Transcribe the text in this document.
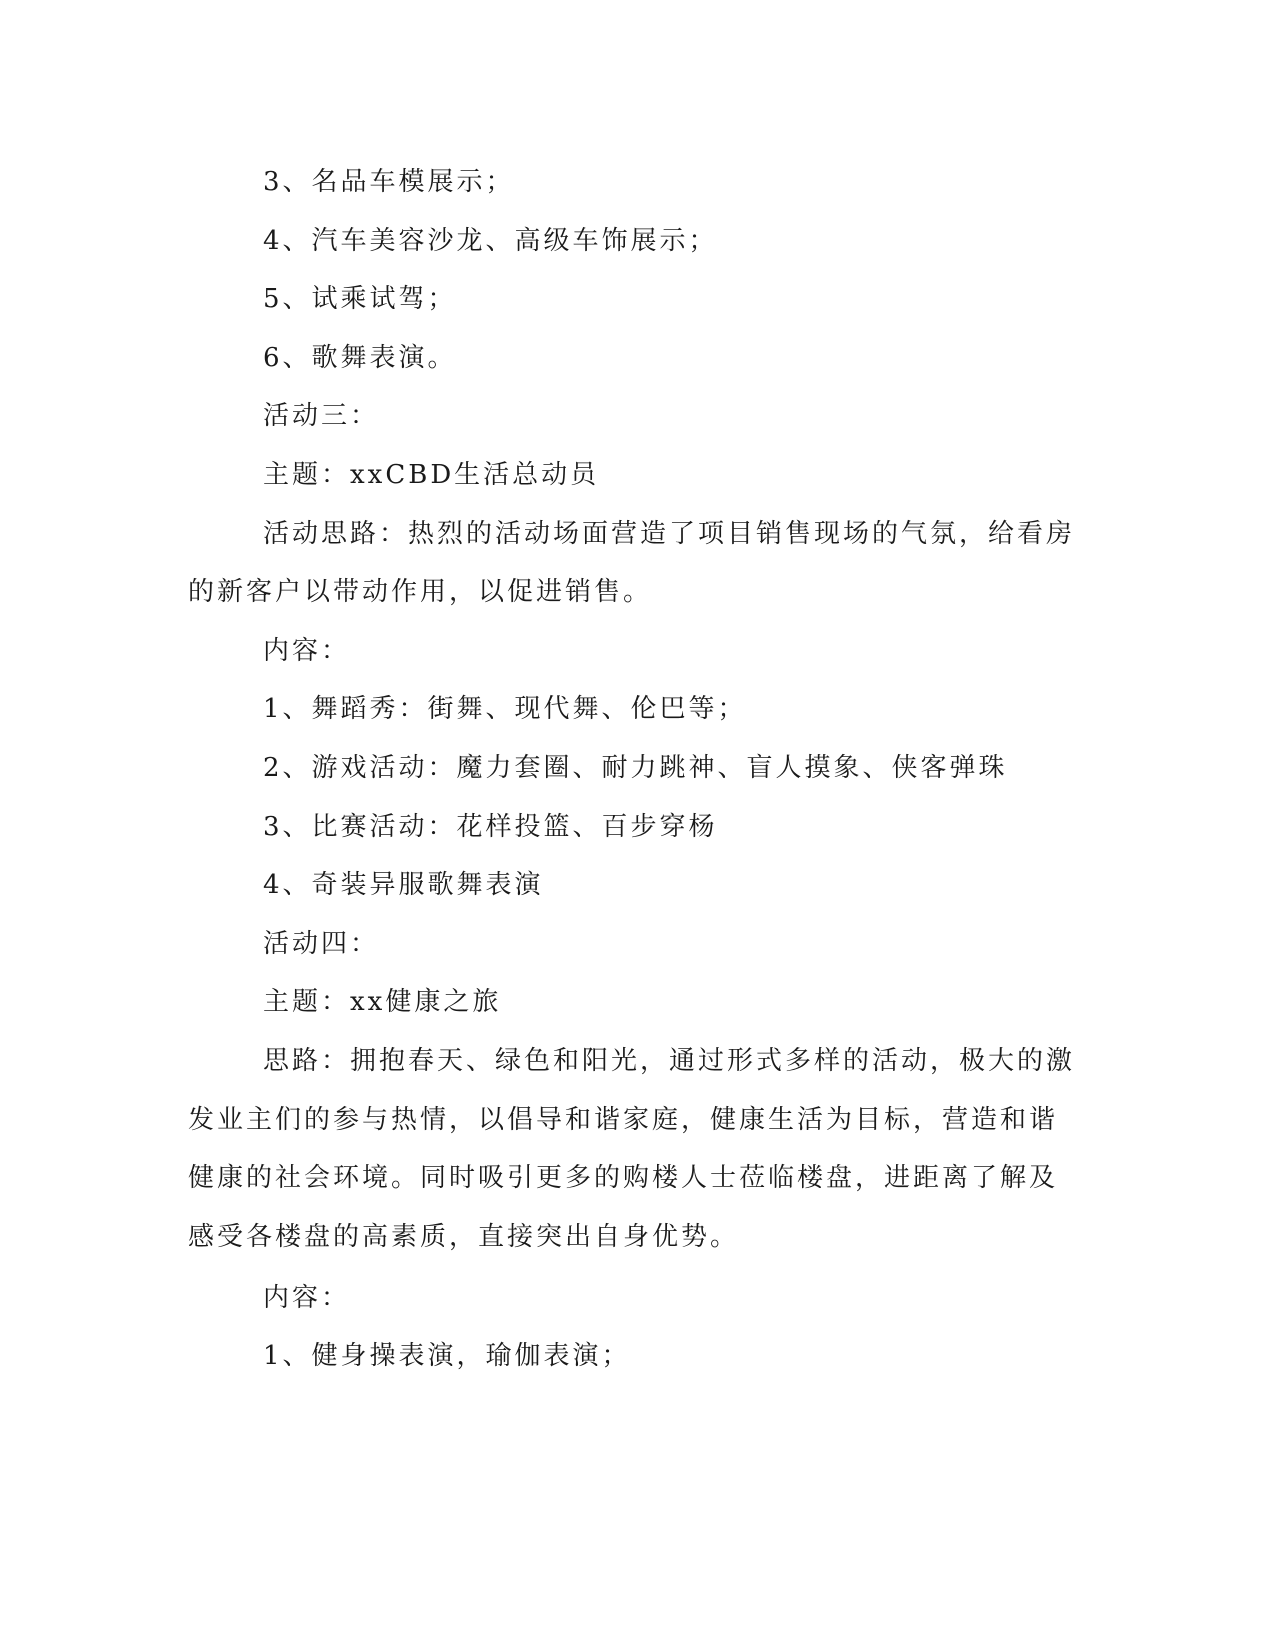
3、名品车模展示；

4、汽车美容沙龙、高级车饰展示；

5、试乘试驾；

6、歌舞表演。

活动三：

主题：xxCBD生活总动员

活动思路：热烈的活动场面营造了项目销售现场的气氛，给看房

的新客户以带动作用，以促进销售。

内容：

1、舞蹈秀：街舞、现代舞、伦巴等；

2、游戏活动：魔力套圈、耐力跳神、盲人摸象、侠客弹珠

3、比赛活动：花样投篮、百步穿杨

4、奇装异服歌舞表演

活动四：

主题：xx健康之旅

思路：拥抱春天、绿色和阳光，通过形式多样的活动，极大的激

发业主们的参与热情，以倡导和谐家庭，健康生活为目标，营造和谐

健康的社会环境。同时吸引更多的购楼人士莅临楼盘，进距离了解及

感受各楼盘的高素质，直接突出自身优势。

内容：

1、健身操表演，瑜伽表演；
